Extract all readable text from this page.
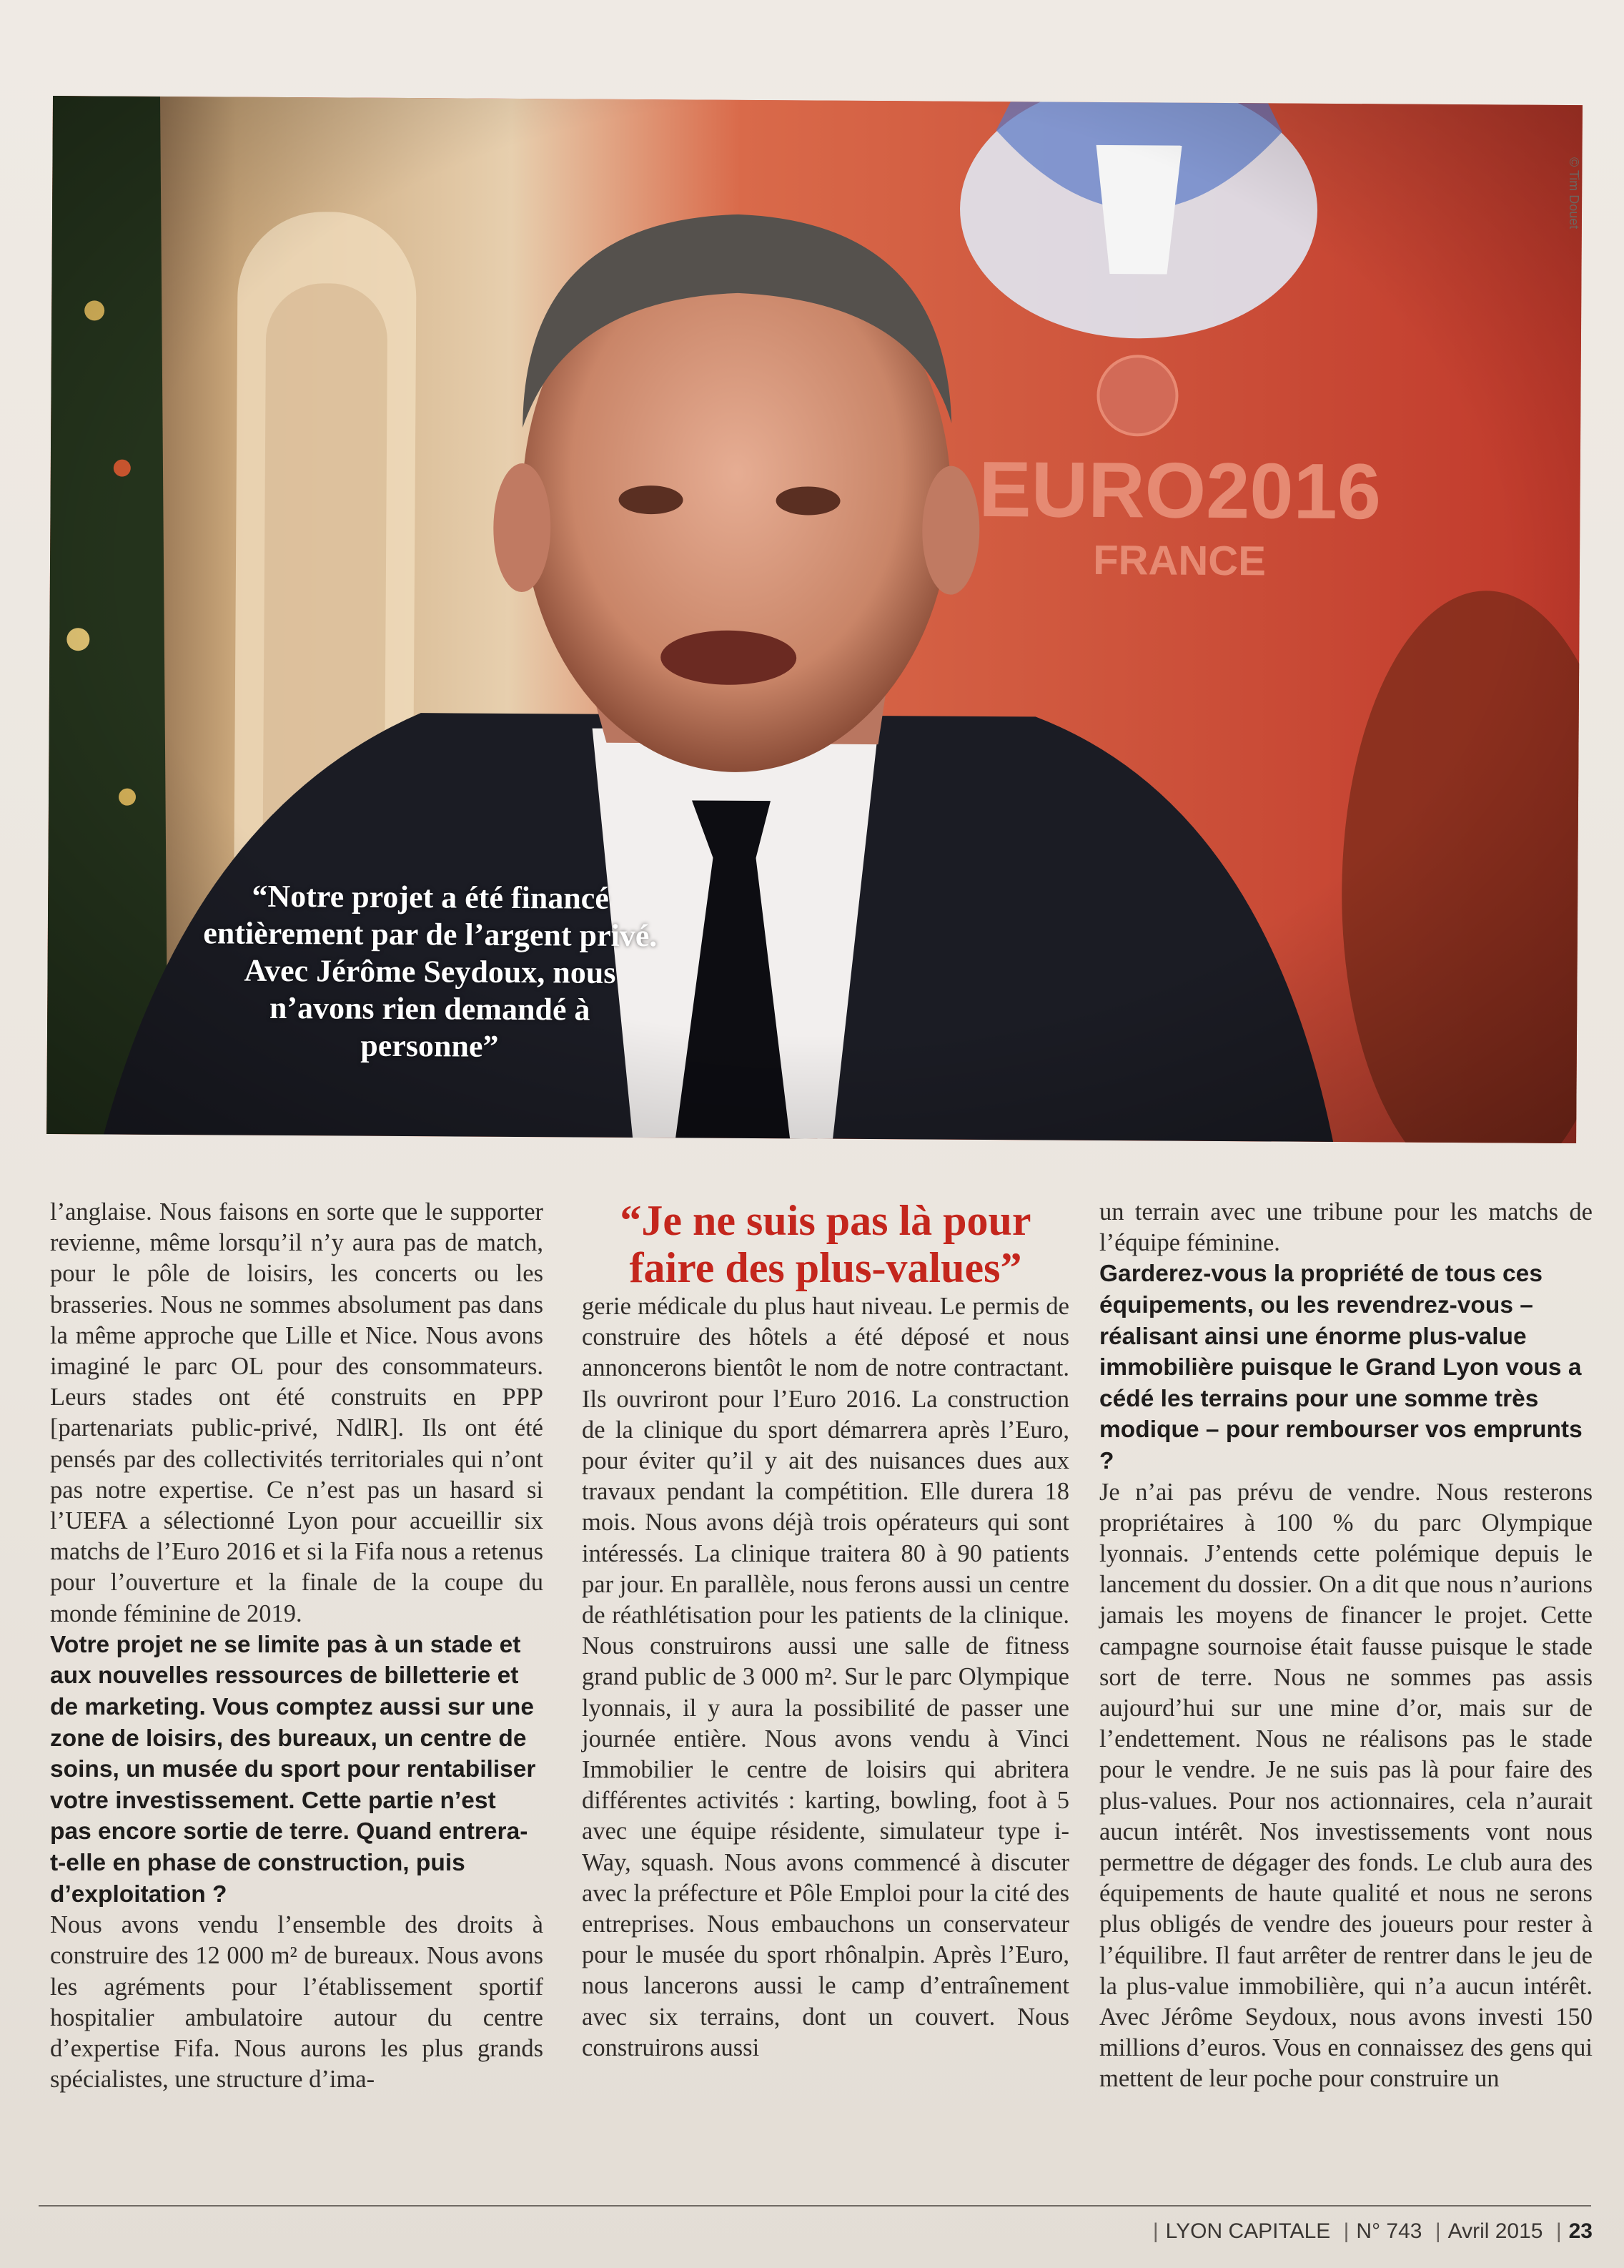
“Notre projet a été financé entièrement par de l’argent privé. Avec Jérôme Seydoux, nous n’avons rien demandé à personne”
© Tim Douet

l’anglaise. Nous faisons en sorte que le supporter revienne, même lorsqu’il n’y aura pas de match, pour le pôle de loisirs, les concerts ou les brasseries. Nous ne sommes absolument pas dans la même approche que Lille et Nice. Nous avons imaginé le parc OL pour des consommateurs. Leurs stades ont été construits en PPP [partenariats public-privé, NdlR]. Ils ont été pensés par des collectivités territoriales qui n’ont pas notre expertise. Ce n’est pas un hasard si l’UEFA a sélectionné Lyon pour accueillir six matchs de l’Euro 2016 et si la Fifa nous a retenus pour l’ouverture et la finale de la coupe du monde féminine de 2019.

Votre projet ne se limite pas à un stade et aux nouvelles ressources de billetterie et de marketing. Vous comptez aussi sur une zone de loisirs, des bureaux, un centre de soins, un musée du sport pour rentabiliser votre investissement. Cette partie n’est pas encore sortie de terre. Quand entrera-t-elle en phase de construction, puis d’exploitation ?

Nous avons vendu l’ensemble des droits à construire des 12 000 m² de bureaux. Nous avons les agréments pour l’établissement sportif hospitalier ambulatoire autour du centre d’expertise Fifa. Nous aurons les plus grands spécialistes, une structure d’ima-

“Je ne suis pas là pour faire des plus-values”

gerie médicale du plus haut niveau. Le permis de construire des hôtels a été déposé et nous annoncerons bientôt le nom de notre contractant. Ils ouvriront pour l’Euro 2016. La construction de la clinique du sport démarrera après l’Euro, pour éviter qu’il y ait des nuisances dues aux travaux pendant la compétition. Elle durera 18 mois. Nous avons déjà trois opérateurs qui sont intéressés. La clinique traitera 80 à 90 patients par jour. En parallèle, nous ferons aussi un centre de réathlétisation pour les patients de la clinique. Nous construirons aussi une salle de fitness grand public de 3 000 m². Sur le parc Olympique lyonnais, il y aura la possibilité de passer une journée entière. Nous avons vendu à Vinci Immobilier le centre de loisirs qui abritera différentes activités : karting, bowling, foot à 5 avec une équipe résidente, simulateur type i-Way, squash. Nous avons commencé à discuter avec la préfecture et Pôle Emploi pour la cité des entreprises. Nous embauchons un conservateur pour le musée du sport rhônalpin. Après l’Euro, nous lancerons aussi le camp d’entraînement avec six terrains, dont un couvert. Nous construirons aussi

un terrain avec une tribune pour les matchs de l’équipe féminine.

Garderez-vous la propriété de tous ces équipements, ou les revendrez-vous – réalisant ainsi une énorme plus-value immobilière puisque le Grand Lyon vous a cédé les terrains pour une somme très modique – pour rembourser vos emprunts ?

Je n’ai pas prévu de vendre. Nous resterons propriétaires à 100 % du parc Olympique lyonnais. J’entends cette polémique depuis le lancement du dossier. On a dit que nous n’aurions jamais les moyens de financer le projet. Cette campagne sournoise était fausse puisque le stade sort de terre. Nous ne sommes pas assis aujourd’hui sur une mine d’or, mais sur de l’endettement. Nous ne réalisons pas le stade pour le vendre. Je ne suis pas là pour faire des plus-values. Pour nos actionnaires, cela n’aurait aucun intérêt. Nos investissements vont nous permettre de dégager des fonds. Le club aura des équipements de haute qualité et nous ne serons plus obligés de vendre des joueurs pour rester à l’équilibre. Il faut arrêter de rentrer dans le jeu de la plus-value immobilière, qui n’a aucun intérêt. Avec Jérôme Seydoux, nous avons investi 150 millions d’euros. Vous en connaissez des gens qui mettent de leur poche pour construire un

| LYON CAPITALE | N° 743 | Avril 2015 | 23
